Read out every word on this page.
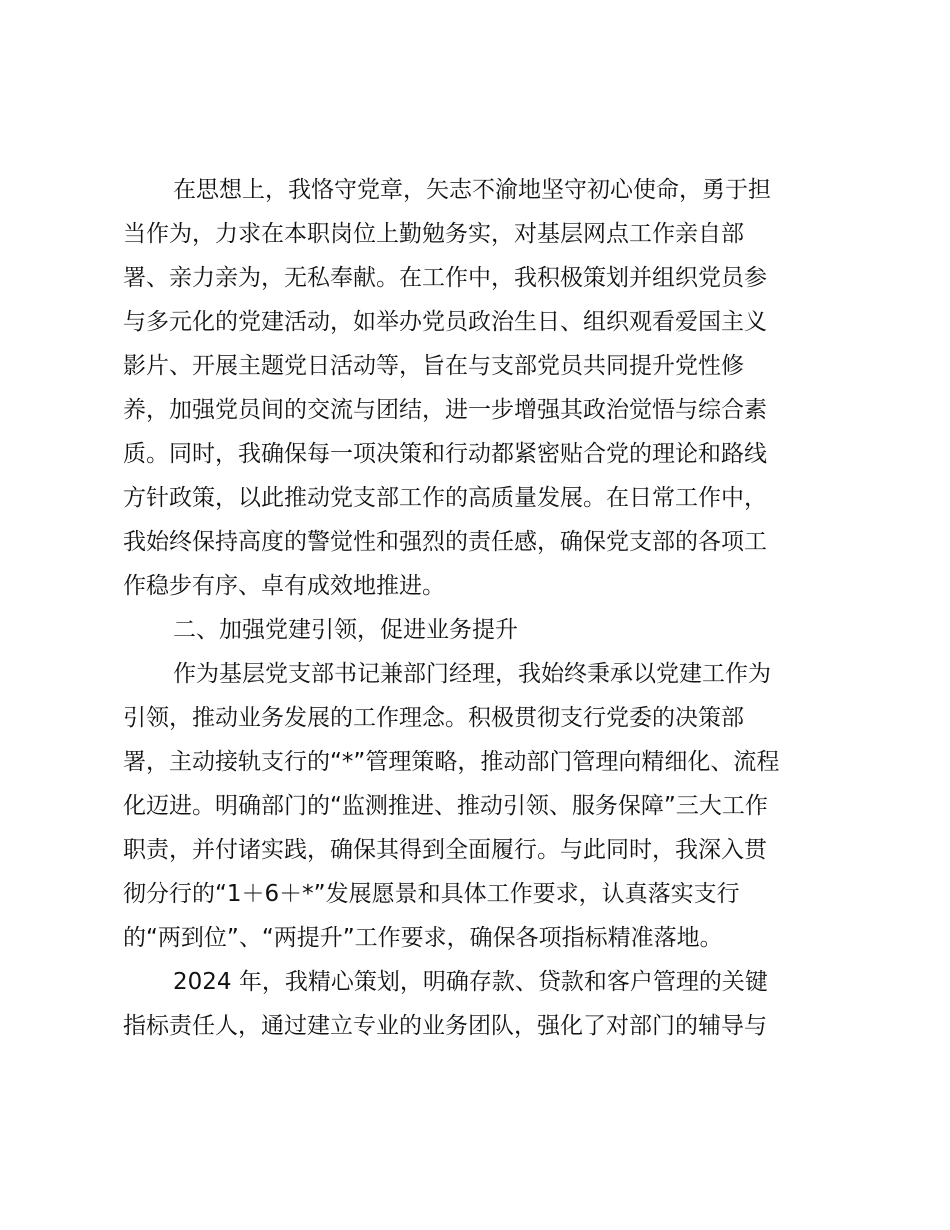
在思想上，我恪守党章，矢志不渝地坚守初心使命，勇于担
当作为，力求在本职岗位上勤勉务实，对基层网点工作亲自部
署、亲力亲为，无私奉献。在工作中，我积极策划并组织党员参
与多元化的党建活动，如举办党员政治生日、组织观看爱国主义
影片、开展主题党日活动等，旨在与支部党员共同提升党性修
养，加强党员间的交流与团结，进一步增强其政治觉悟与综合素
质。同时，我确保每一项决策和行动都紧密贴合党的理论和路线
方针政策，以此推动党支部工作的高质量发展。在日常工作中，
我始终保持高度的警觉性和强烈的责任感，确保党支部的各项工
作稳步有序、卓有成效地推进。
二、加强党建引领，促进业务提升
作为基层党支部书记兼部门经理，我始终秉承以党建工作为
引领，推动业务发展的工作理念。积极贯彻支行党委的决策部
署，主动接轨支行的“*”管理策略，推动部门管理向精细化、流程
化迈进。明确部门的“监测推进、推动引领、服务保障”三大工作
职责，并付诸实践，确保其得到全面履行。与此同时，我深入贯
彻分行的“1＋6＋*”发展愿景和具体工作要求，认真落实支行
的“两到位”、“两提升”工作要求，确保各项指标精准落地。
2024 年，我精心策划，明确存款、贷款和客户管理的关键
指标责任人，通过建立专业的业务团队，强化了对部门的辅导与
